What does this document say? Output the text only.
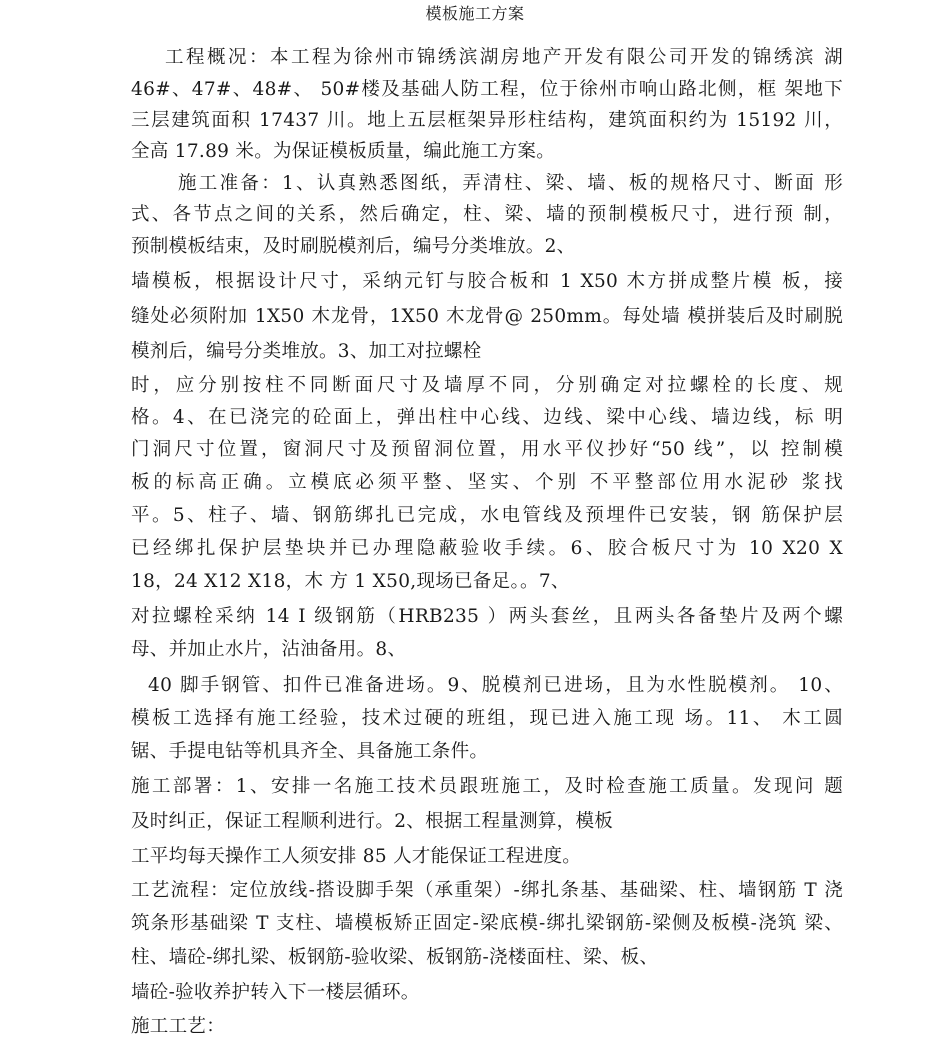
模板施工方案
工程概况：本工程为徐州市锦绣滨湖房地产开发有限公司开发的锦绣滨 湖
46#、47#、48#、 50#楼及基础人防工程，位于徐州市响山路北侧，框 架地下
三层建筑面积 17437 川。地上五层框架异形柱结构，建筑面积约为 15192 川，
全高 17.89 米。为保证模板质量，编此施工方案。
施工准备：1、认真熟悉图纸，弄清柱、梁、墙、板的规格尺寸、断面 形
式、各节点之间的关系，然后确定，柱、梁、墙的预制模板尺寸，进行预 制，
预制模板结束，及时刷脱模剂后，编号分类堆放。2、
墙模板，根据设计尺寸，采纳元钉与胶合板和 1 X50 木方拼成整片模 板，接
缝处必须附加 1X50 木龙骨，1X50 木龙骨@ 250mm。每处墙 模拼装后及时刷脱
模剂后，编号分类堆放。3、加工对拉螺栓
时，应分别按柱不同断面尺寸及墙厚不同，分别确定对拉螺栓的长度、规
格。4、在已浇完的砼面上，弹出柱中心线、边线、梁中心线、墙边线，标 明
门洞尺寸位置，窗洞尺寸及预留洞位置，用水平仪抄好“50 线”，以 控制模
板的标高正确。立模底必须平整、坚实、个别 不平整部位用水泥砂 浆找
平。5、柱子、墙、钢筋绑扎已完成，水电管线及预埋件已安装，钢 筋保护层
已经绑扎保护层垫块并已办理隐蔽验收手续。6、胶合板尺寸为 10 X20 X
18，24 X12 X18，木 方 1 X50,现场已备足。。7、
对拉螺栓采纳 14 I 级钢筋（HRB235 ）两头套丝，且两头各备垫片及两个螺
母、并加止水片，沾油备用。8、
40 脚手钢管、扣件已准备进场。9、脱模剂已进场，且为水性脱模剂。 10、
模板工选择有施工经验，技术过硬的班组，现已进入施工现 场。11、 木工圆
锯、手提电钻等机具齐全、具备施工条件。
施工部署：1、安排一名施工技术员跟班施工，及时检查施工质量。发现问 题
及时纠正，保证工程顺利进行。2、根据工程量测算，模板
工平均每天操作工人须安排 85 人才能保证工程进度。
工艺流程：定位放线-搭设脚手架（承重架）-绑扎条基、基础梁、柱、墙钢筋 T 浇
筑条形基础梁 T 支柱、墙模板矫正固定-梁底模-绑扎梁钢筋-梁侧及板模-浇筑 梁、
柱、墙砼-绑扎梁、板钢筋-验收梁、板钢筋-浇楼面柱、梁、板、
墙砼-验收养护转入下一楼层循环。
施工工艺：
